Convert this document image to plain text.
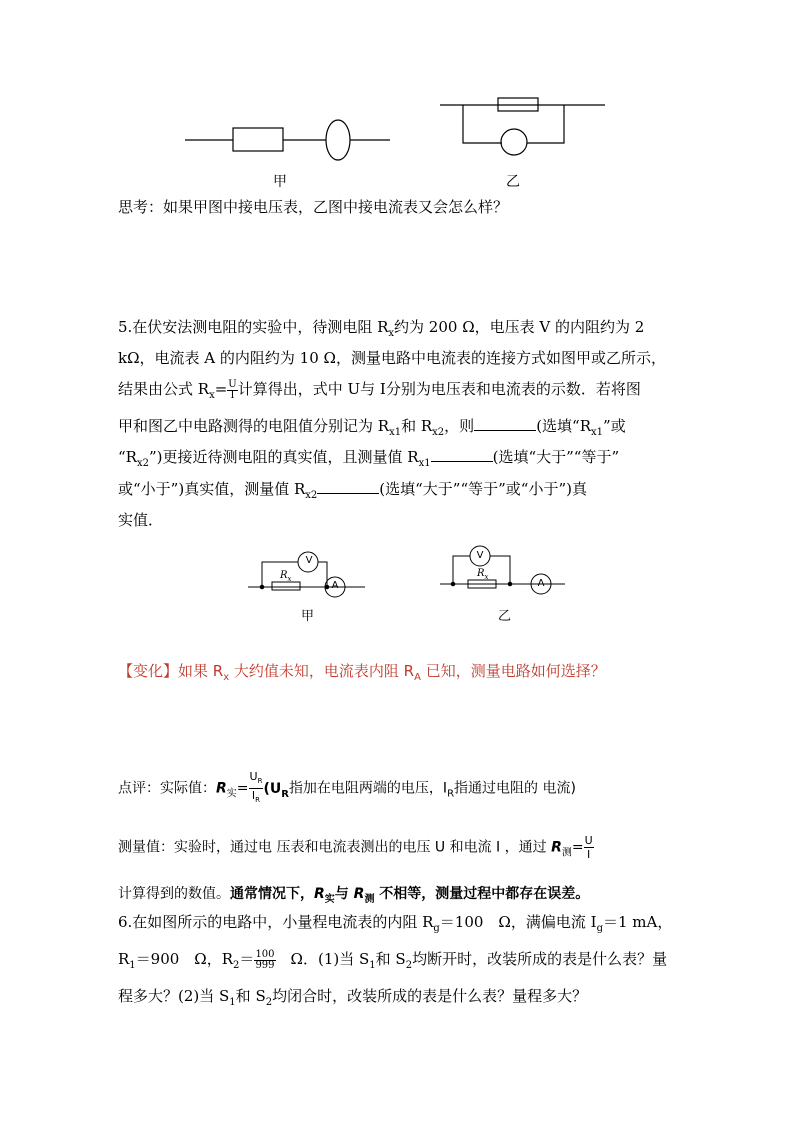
甲	乙
思考：如果甲图中接电压表，乙图中接电流表又会怎么样？
5.在伏安法测电阻的实验中，待测电阻 $R_x$约为 200 Ω，电压表 V 的内阻约为 2
kΩ，电流表 A 的内阻约为 10 Ω，测量电路中电流表的连接方式如图甲或乙所示，
结果由公式 $R_x= \frac{U}{I}$ 计算得出，式中 U与 I分别为电压表和电流表的示数．若将图
甲和图乙中电路测得的电阻值分别记为 $R_{x1}$和 $R_{x2}$，则	(选填“$R_{x1}$”或
“$R_{x2}$”)更接近待测电阻的真实值，且测量值 $R_{x1}$	(选填“大于”“等于”
或“小于”)真实值，测量值 $R_{x2}$	(选填“大于”“等于”或“小于”)真
实值．
V
A
$R_x$
V
A
$R_x$
甲	乙
【变化】如果 $R_x$ 大约值未知，电流表内阻 $R_A$ 已知，测量电路如何选择？
点评：实际值：$R_实= \frac{U_R}{I_R} (U_R$指加在电阻两端的电压，$I_R$指通过电阻的 电流)
测量值：实验时，通过电 压表和电流表测出的电压 U 和电流 I ，通过 $R_测= \frac{U}{I}$
计算得到的数值。通常情况下，$R_实$与 $R_测$ 不相等，测量过程中都存在误差。
6.在如图所示的电路中，小量程电流表的内阻 $R_g=100$　Ω，满偏电流 $I_g=1$ mA，
$R_1=900$　Ω，$R_2= \frac{100}{999}$ 　Ω．(1)当 $S_1$和 $S_2$均断开时，改装所成的表是什么表？量
程多大？(2)当 $S_1$和 $S_2$均闭合时，改装所成的表是什么表？量程多大？
